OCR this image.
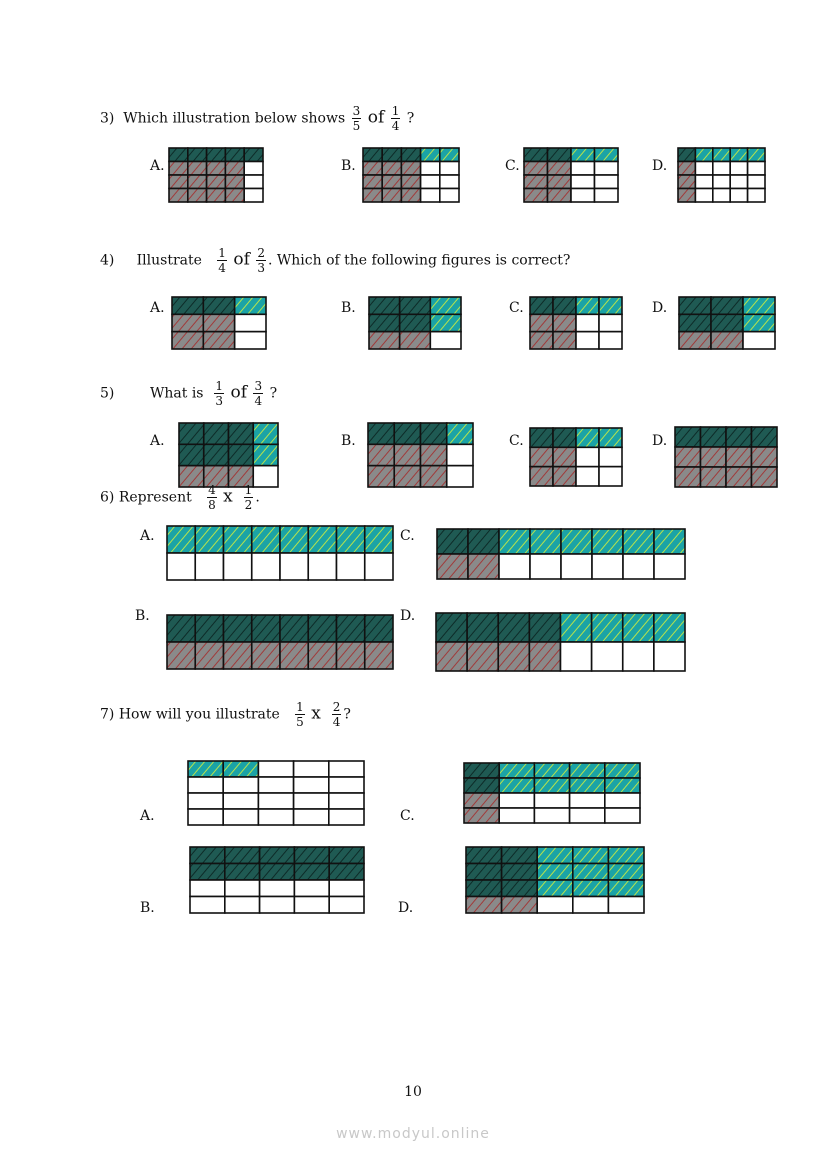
3) Which illustration below shows $\frac{3}{5}$ of $\frac{1}{4}$ ?
A.	B.	C.	D.
4) Illustrate $\frac{1}{4}$ of $\frac{2}{3}$ . Which of the following figures is correct?
A.	B.	C.	D.
5)	What is $\frac{1}{3}$ of $\frac{3}{4}$ ?
A.	B.	C.	D.
6) Represent $\frac{4}{8}$ x $\frac{1}{2}$ .
A.	C.
B.	D.
7) How will you illustrate $\frac{1}{5}$ x $\frac{2}{4}$ ?
A.	C.
B.	D.
10
www.modyul.online
